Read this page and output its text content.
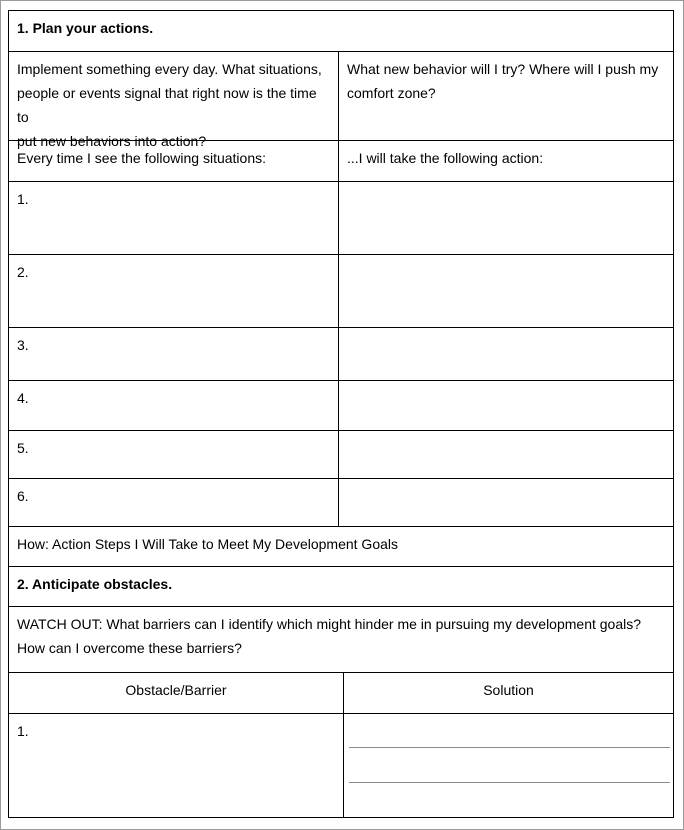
1. Plan your actions.
Implement something every day. What situations,
people or events signal that right now is the time to
put new behaviors into action?
What new behavior will I try? Where will I push my
comfort zone?
Every time I see the following situations:	...I will take the following action:
1.
2.
3.
4.
5.
6.
How: Action Steps I Will Take to Meet My Development Goals
2. Anticipate obstacles.
WATCH OUT: What barriers can I identify which might hinder me in pursuing my development goals?
How can I overcome these barriers?
Obstacle/Barrier	Solution
1.
